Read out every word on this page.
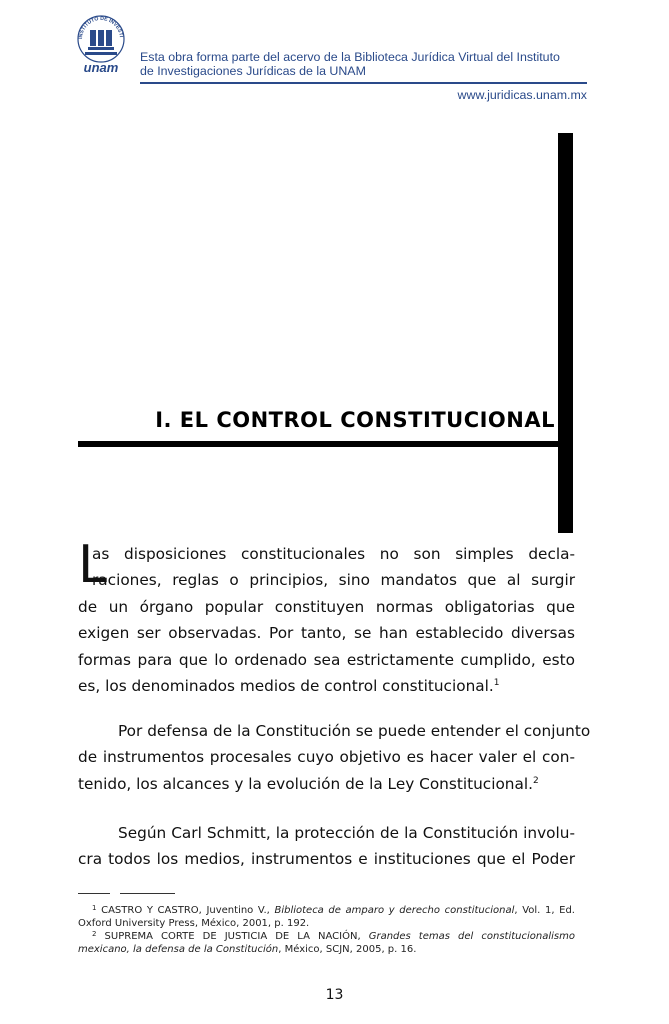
INSTITUTO DE INVESTI
unam
Esta obra forma parte del acervo de la Biblioteca Jurídica Virtual del Instituto
de Investigaciones Jurídicas de la UNAM
www.juridicas.unam.mx
I. EL CONTROL CONSTITUCIONAL
L
as disposiciones constitucionales no son simples decla-
raciones, reglas o principios, sino mandatos que al surgir
de un órgano popular constituyen normas obligatorias que
exigen ser observadas. Por tanto, se han establecido diversas
formas para que lo ordenado sea estrictamente cumplido, esto
es, los denominados medios de control constitucional.$^1$
Por defensa de la Constitución se puede entender el conjunto
de instrumentos procesales cuyo objetivo es hacer valer el con-
tenido, los alcances y la evolución de la Ley Constitucional.$^2$
Según Carl Schmitt, la protección de la Constitución involu-
cra todos los medios, instrumentos e instituciones que el Poder
$^1$ CASTRO Y CASTRO, Juventino V., Biblioteca de amparo y derecho constitucional, Vol. 1, Ed. Oxford University Press, México, 2001, p. 192.
$^2$ SUPREMA CORTE DE JUSTICIA DE LA NACIÓN, Grandes temas del constitucionalismo mexicano, la defensa de la Constitución, México, SCJN, 2005, p. 16.
13
